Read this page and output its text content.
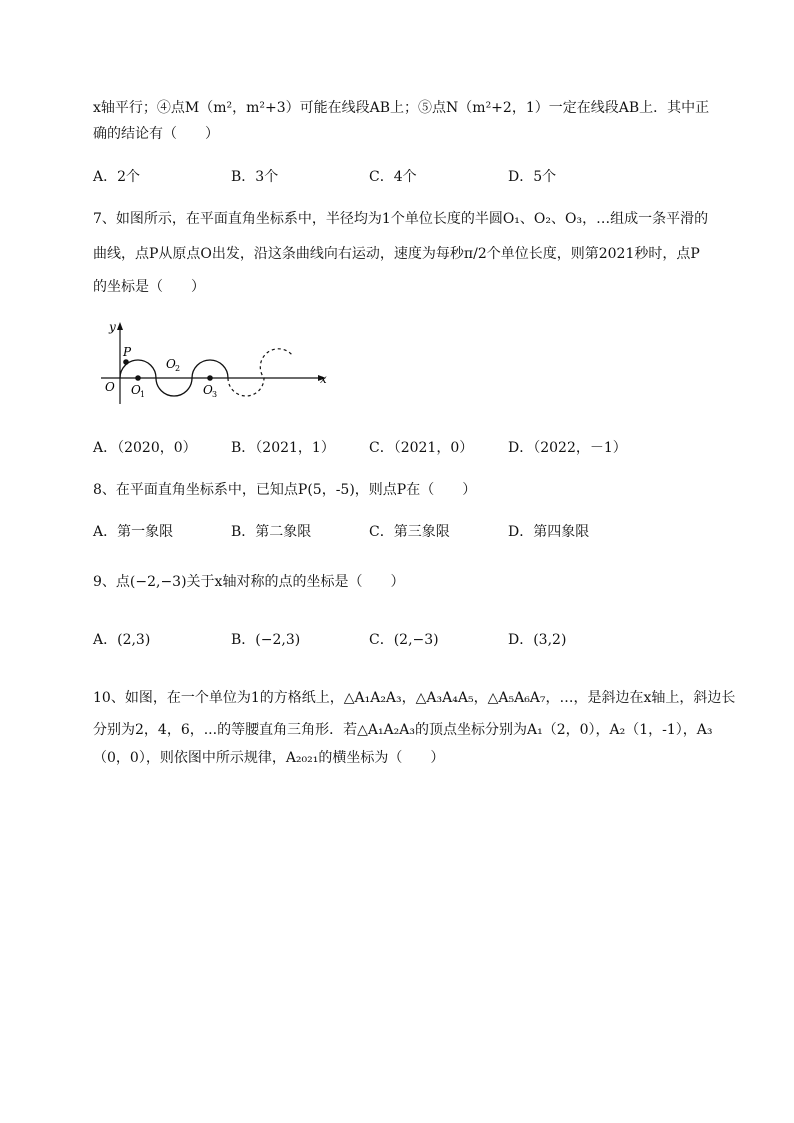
x轴平行；④点M（m²，m²+3）可能在线段AB上；⑤点N（m²+2，1）一定在线段AB上．其中正
确的结论有（　　）
A．2个	B．3个	C．4个	D．5个
7、如图所示，在平面直角坐标系中，半径均为1个单位长度的半圆O₁、O₂、O₃，…组成一条平滑的
曲线，点P从原点O出发，沿这条曲线向右运动，速度为每秒π/2个单位长度，则第2021秒时，点P
的坐标是（　　）
y
x
O
P
O 1
O 2
O 3
A．（2020，0） B．（2021，1） C．（2021，0） D．（2022，－1）
8、在平面直角坐标系中，已知点P(5，-5)，则点P在（　　）
A．第一象限	B．第二象限	C．第三象限	D．第四象限
9、点(−2,−3)关于x轴对称的点的坐标是（　　）
A．(2,3)	B．(−2,3)	C．(2,−3)	D．(3,2)
10、如图，在一个单位为1的方格纸上，△A₁A₂A₃，△A₃A₄A₅，△A₅A₆A₇，…，是斜边在x轴上，斜边长
分别为2，4，6，...的等腰直角三角形．若△A₁A₂A₃的顶点坐标分别为A₁（2，0），A₂（1，-1），A₃
（0，0），则依图中所示规律，A₂₀₂₁的横坐标为（　　）
